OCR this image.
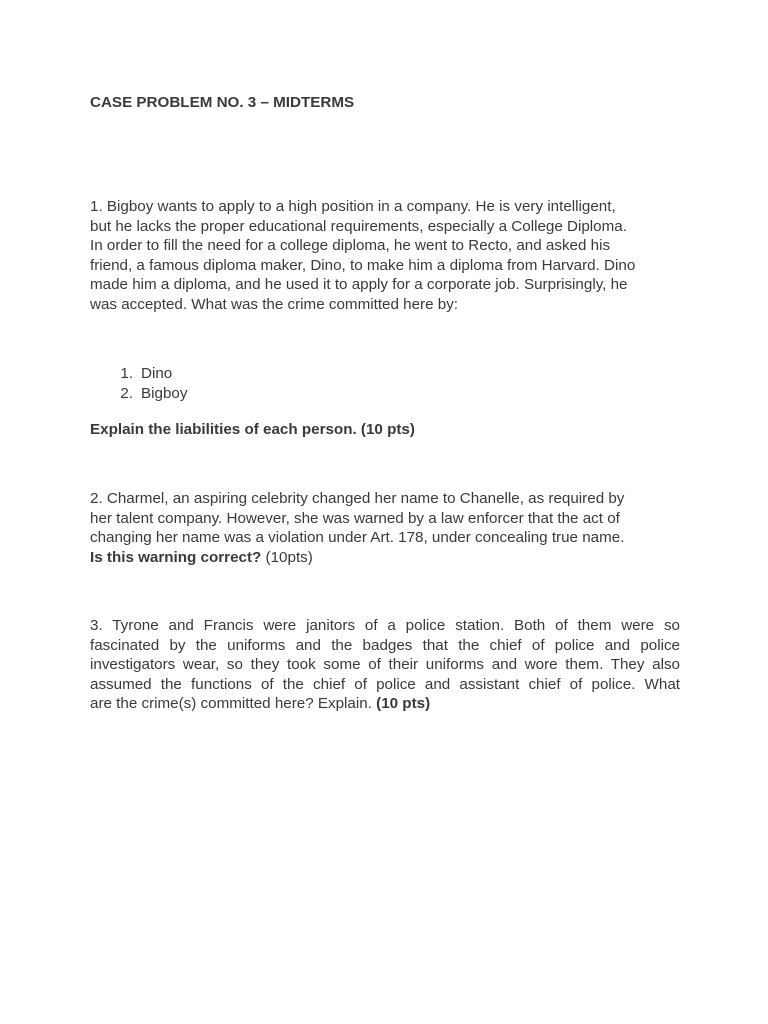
CASE PROBLEM NO. 3 – MIDTERMS
1. Bigboy wants to apply to a high position in a company. He is very intelligent,
but he lacks the proper educational requirements, especially a College Diploma.
In order to fill the need for a college diploma, he went to Recto, and asked his
friend, a famous diploma maker, Dino, to make him a diploma from Harvard. Dino
made him a diploma, and he used it to apply for a corporate job. Surprisingly, he
was accepted. What was the crime committed here by:
1. Dino
2. Bigboy
Explain the liabilities of each person. (10 pts)
2. Charmel, an aspiring celebrity changed her name to Chanelle, as required by
her talent company. However, she was warned by a law enforcer that the act of
changing her name was a violation under Art. 178, under concealing true name.
Is this warning correct? (10pts)
3. Tyrone and Francis were janitors of a police station. Both of them were so
fascinated by the uniforms and the badges that the chief of police and police
investigators wear, so they took some of their uniforms and wore them. They also
assumed the functions of the chief of police and assistant chief of police. What
are the crime(s) committed here? Explain. (10 pts)
